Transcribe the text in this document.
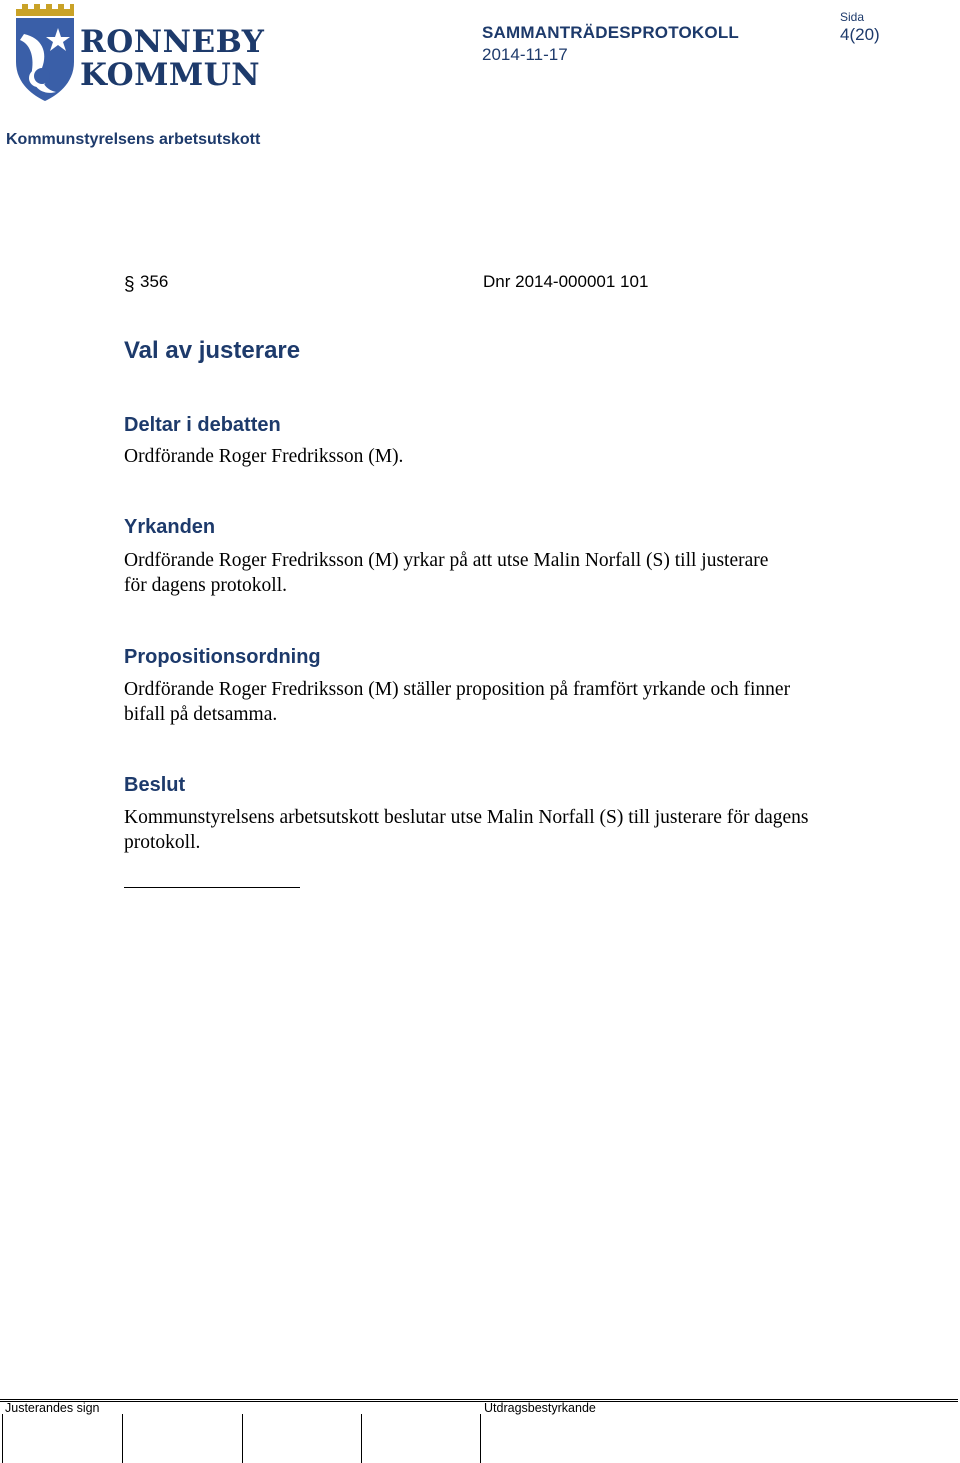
RONNEBY
KOMMUN
SAMMANTRÄDESPROTOKOLL
2014-11-17
Sida
4(20)
Kommunstyrelsens arbetsutskott
§ 356	Dnr 2014-000001 101
Val av justerare
Deltar i debatten
Ordförande Roger Fredriksson (M).
Yrkanden
Ordförande Roger Fredriksson (M) yrkar på att utse Malin Norfall (S) till justerare för dagens protokoll.
Propositionsordning
Ordförande Roger Fredriksson (M) ställer proposition på framfört yrkande och finner bifall på detsamma.
Beslut
Kommunstyrelsens arbetsutskott beslutar utse Malin Norfall (S) till justerare för dagens protokoll.
Justerandes sign	Utdragsbestyrkande
